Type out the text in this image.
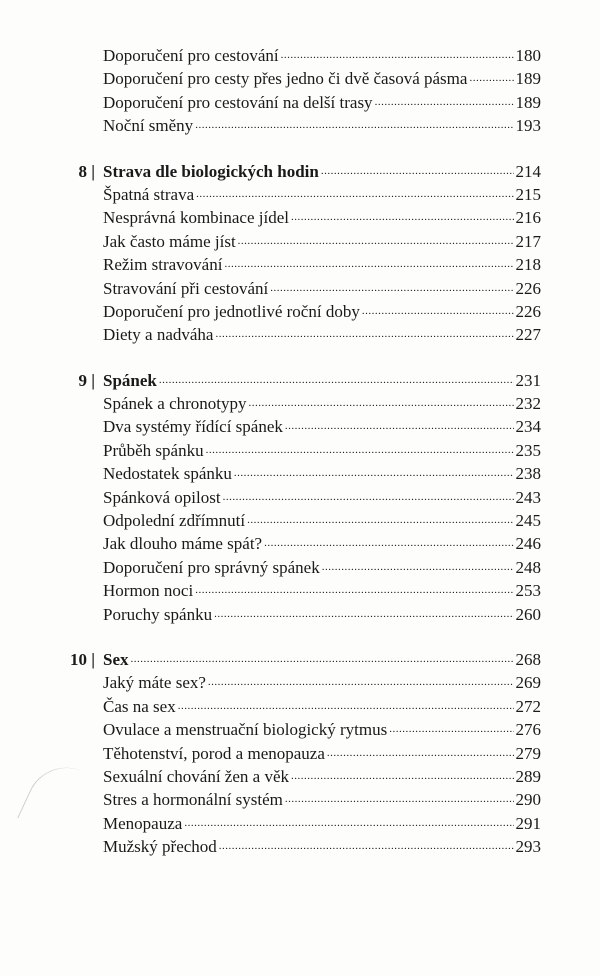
Doporučení pro cestování .....	180
Doporučení pro cesty přes jedno či dvě časová pásma .....	189
Doporučení pro cestování na delší trasy .....	189
Noční směny .....	193
8 | Strava dle biologických hodin .....	214
Špatná strava .....	215
Nesprávná kombinace jídel .....	216
Jak často máme jíst .....	217
Režim stravování .....	218
Stravování při cestování .....	226
Doporučení pro jednotlivé roční doby .....	226
Diety a nadváha .....	227
9 | Spánek .....	231
Spánek a chronotypy .....	232
Dva systémy řídící spánek .....	234
Průběh spánku .....	235
Nedostatek spánku .....	238
Spánková opilost .....	243
Odpolední zdřímnutí .....	245
Jak dlouho máme spát? .....	246
Doporučení pro správný spánek .....	248
Hormon noci .....	253
Poruchy spánku .....	260
10 | Sex .....	268
Jaký máte sex? .....	269
Čas na sex .....	272
Ovulace a menstruační biologický rytmus .....	276
Těhotenství, porod a menopauza .....	279
Sexuální chování žen a věk .....	289
Stres a hormonální systém .....	290
Menopauza .....	291
Mužský přechod .....	293
